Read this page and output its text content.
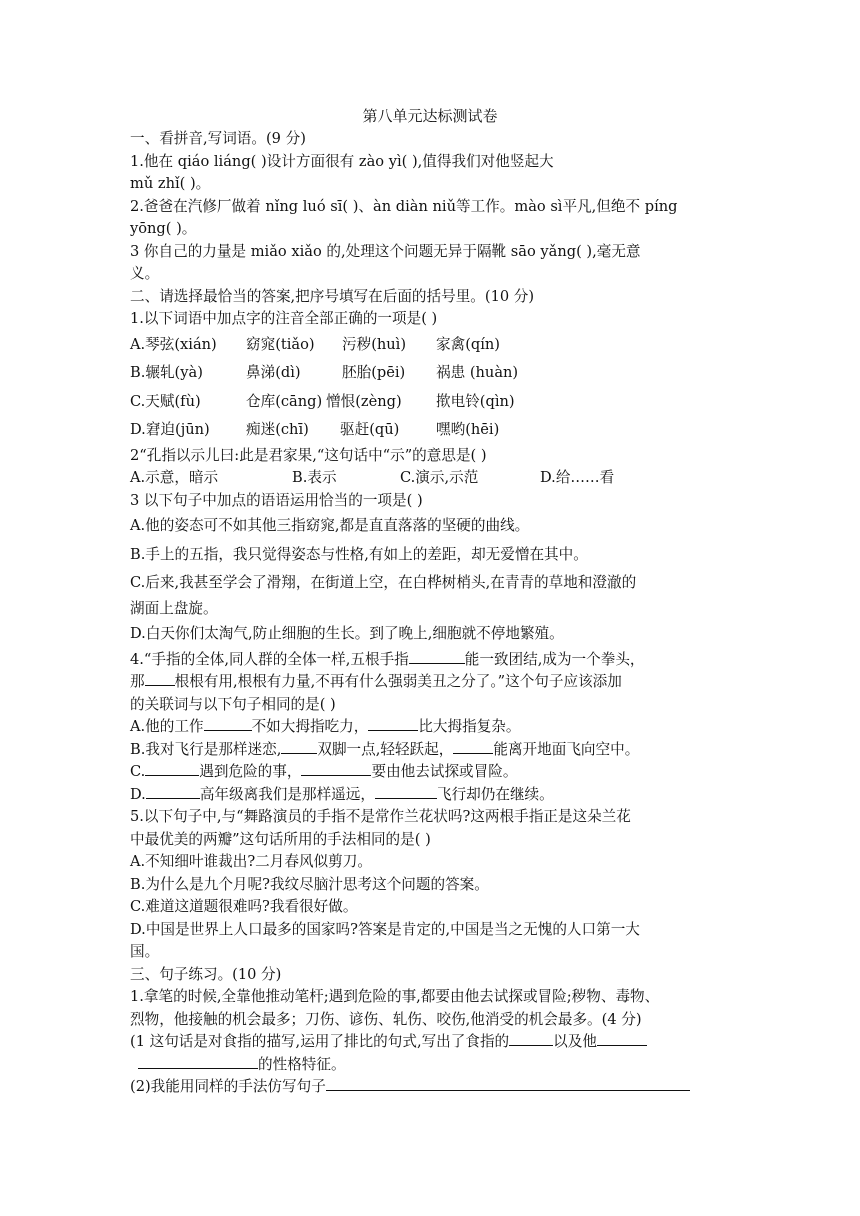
第八单元达标测试卷

一、看拼音,写词语。(9 分)

1.他在 qiáo liáng( )设计方面很有 zào yì( ),值得我们对他竖起大

mǔ zhǐ( )。

2.爸爸在汽修厂做着 nǐng luó sī( )、àn diàn niǔ等工作。mào sì平凡,但绝不 píng

yōng( )。

3 你自己的力量是 miǎo xiǎo 的,处理这个问题无异于隔靴 sāo yǎng( ),毫无意

义。

二、请选择最恰当的答案,把序号填写在后面的括号里。(10 分)

1.以下词语中加点字的注音全部正确的一项是( )

A.琴弦(xián) 窈窕(tiǎo) 污秽(huì) 家禽(qín)

B.辗轧(yà)	鼻涕(dì)	胚胎(pēi) 祸患 (huàn)

C.天赋(fù)	仓库(cāng) 憎恨(zèng) 揿电铃(qìn)

D.窘迫(jūn) 痴迷(chī) 驱赶(qū)	嘿哟(hēi)

2“孔指以示儿曰:此是君家果,“这句话中“示”的意思是( )

A.示意，暗示	B.表示	C.演示,示范	D.给……看

3 以下句子中加点的语语运用恰当的一项是( )

A.他的姿态可不如其他三指窈窕,都是直直落落的坚硬的曲线。

B.手上的五指，我只觉得姿态与性格,有如上的差距，却无爱憎在其中。

C.后来,我甚至学会了滑翔，在街道上空，在白桦树梢头,在青青的草地和澄澈的

湖面上盘旋。

D.白天你们太淘气,防止细胞的生长。到了晚上,细胞就不停地繁殖。

4.“手指的全体,同人群的全体一样,五根手指	能一致团结,成为一个拳头，

那 根根有用,根根有力量,不再有什么强弱美丑之分了。”这个句子应该添加

的关联词与以下句子相同的是( )

A.他的工作	不如大拇指吃力，	比大拇指复杂。

B.我对飞行是那样迷恋, 双脚一点,轻轻跃起，	能离开地面飞向空中。

C.	遇到危险的事，	要由他去试探或冒险。

D.	高年级离我们是那样遥远，	飞行却仍在继续。

5.以下句子中,与“舞路演员的手指不是常作兰花状吗?这两根手指正是这朵兰花

中最优美的两瓣”这句话所用的手法相同的是( )

A.不知细叶谁裁出?二月春风似剪刀。

B.为什么是九个月呢?我纹尽脑汁思考这个问题的答案。

C.难道这道题很难吗?我看很好做。

D.中国是世界上人口最多的国家吗?答案是肯定的,中国是当之无愧的人口第一大

国。

三、句子练习。(10 分)

1.拿笔的时候,全靠他推动笔杆;遇到危险的事,都要由他去试探或冒险;秽物、毒物、

烈物，他接触的机会最多；刀伤、谚伤、轧伤、咬伤,他消受的机会最多。(4 分)

(1 这句话是对食指的描写,运用了排比的句式,写出了食指的	以及他

的性格特征。

(2)我能用同样的手法仿写句子
